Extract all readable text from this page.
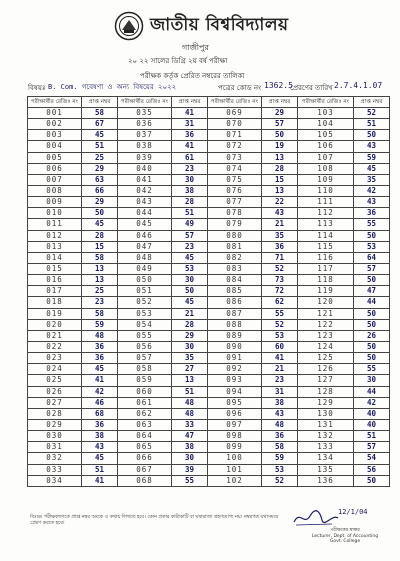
জাতীয় বিশ্ববিদ্যালয়
গাজীপুর
২০ ২২ সালের ডিগ্রি ২য় বর্ষ পরীক্ষা
পরীক্ষক কর্তৃক প্রেরিত নম্বরের তালিকা
বিষয়ঃ B. Com. গবেষণা ও অন্য বিষয়ের ২০২২	পত্রের কোড নং 1362.5
প্রেরণের তারিখ 2.7.4.1.07
পরীক্ষার্থীর রেজিঃ নং	প্রাপ্ত নম্বর	পরীক্ষার্থীর রেজিঃ নং	প্রাপ্ত নম্বর	পরীক্ষার্থীর রেজিঃ নং	প্রাপ্ত নম্বর	পরীক্ষার্থীর রেজিঃ নং	প্রাপ্ত নম্বর
001	58	035	41	069	29	103	52
002	67	036	31	070	57	104	51
003	45	037	36	071	50	105	50
004	51	038	41	072	19	106	43
005	25	039	61	073	13	107	59
006	29	040	23	074	28	108	45
007	63	041	30	075	15	109	35
008	66	042	38	076	13	110	42
009	29	043	28	077	22	111	43
010	50	044	51	078	43	112	36
011	45	045	49	079	21	113	55
012	28	046	57	080	35	114	50
013	15	047	23	081	36	115	53
014	58	048	45	082	71	116	64
015	13	049	53	083	52	117	57
016	13	050	30	084	73	118	50
017	25	051	50	085	72	119	47
018	23	052	45	086	62	120	44
019	58	053	21	087	55	121	50
020	59	054	28	088	52	122	50
021	48	055	29	089	53	123	26
022	36	056	30	090	60	124	50
023	36	057	35	091	41	125	50
024	45	058	27	092	21	126	55
025	41	059	13	093	23	127	30
026	42	060	51	094	31	128	44
027	46	061	48	095	38	129	42
028	68	062	48	096	43	130	40
029	36	063	33	097	48	131	40
030	38	064	47	098	36	132	51
031	43	065	38	099	58	133	57
032	45	066	30	100	59	134	54
033	51	067	39	101	53	135	56
034	41	068	55	102	52	136	50
বিঃদ্রঃ পরীক্ষকগণকে প্রাপ্ত নম্বর অংকে ও কথায় লিখতে হবে। কোন প্রকার কাটাকাটি বা ঘষামাজা গ্রহণযোগ্য নয়। নম্বরপত্র যথাসময়ে প্রেরণ করতে হবে।
12/1/04
পরীক্ষকের স্বাক্ষর
Lecturer, Dept. of Accounting
Govt. College
